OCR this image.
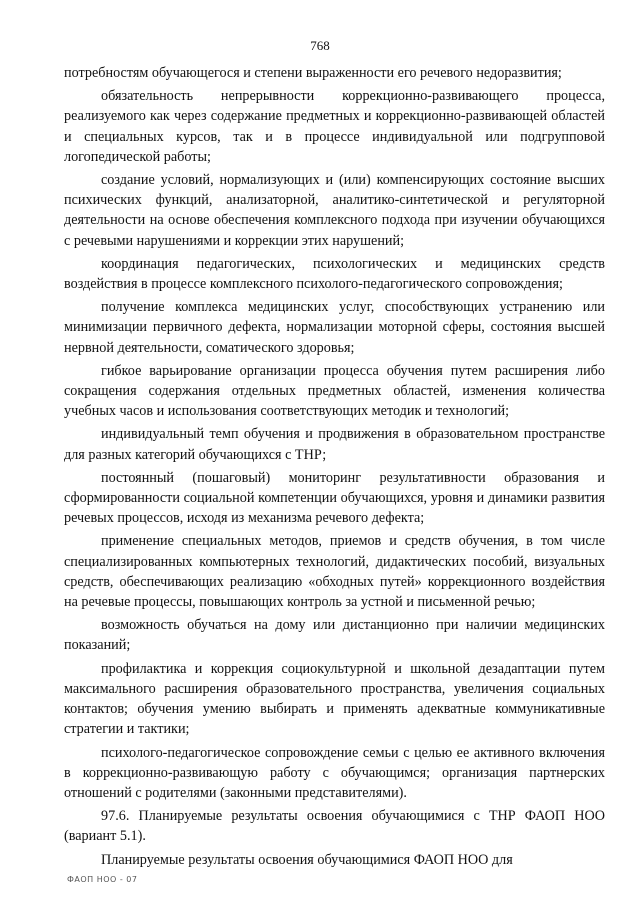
768

потребностям обучающегося и степени выраженности его речевого недоразвития;

обязательность непрерывности коррекционно-развивающего процесса, реализуемого как через содержание предметных и коррекционно-развивающей областей и специальных курсов, так и в процессе индивидуальной или подгрупповой логопедической работы;

создание условий, нормализующих и (или) компенсирующих состояние высших психических функций, анализаторной, аналитико-синтетической и регуляторной деятельности на основе обеспечения комплексного подхода при изучении обучающихся с речевыми нарушениями и коррекции этих нарушений;

координация педагогических, психологических и медицинских средств воздействия в процессе комплексного психолого-педагогического сопровождения;

получение комплекса медицинских услуг, способствующих устранению или минимизации первичного дефекта, нормализации моторной сферы, состояния высшей нервной деятельности, соматического здоровья;

гибкое варьирование организации процесса обучения путем расширения либо сокращения содержания отдельных предметных областей, изменения количества учебных часов и использования соответствующих методик и технологий;

индивидуальный темп обучения и продвижения в образовательном пространстве для разных категорий обучающихся с ТНР;

постоянный (пошаговый) мониторинг результативности образования и сформированности социальной компетенции обучающихся, уровня и динамики развития речевых процессов, исходя из механизма речевого дефекта;

применение специальных методов, приемов и средств обучения, в том числе специализированных компьютерных технологий, дидактических пособий, визуальных средств, обеспечивающих реализацию «обходных путей» коррекционного воздействия на речевые процессы, повышающих контроль за устной и письменной речью;

возможность обучаться на дому или дистанционно при наличии медицинских показаний;

профилактика и коррекция социокультурной и школьной дезадаптации путем максимального расширения образовательного пространства, увеличения социальных контактов; обучения умению выбирать и применять адекватные коммуникативные стратегии и тактики;

психолого-педагогическое сопровождение семьи с целью ее активного включения в коррекционно-развивающую работу с обучающимся; организация партнерских отношений с родителями (законными представителями).

97.6. Планируемые результаты освоения обучающимися с ТНР ФАОП НОО (вариант 5.1).

Планируемые результаты освоения обучающимися ФАОП НОО для

ФАОП НОО - 07
